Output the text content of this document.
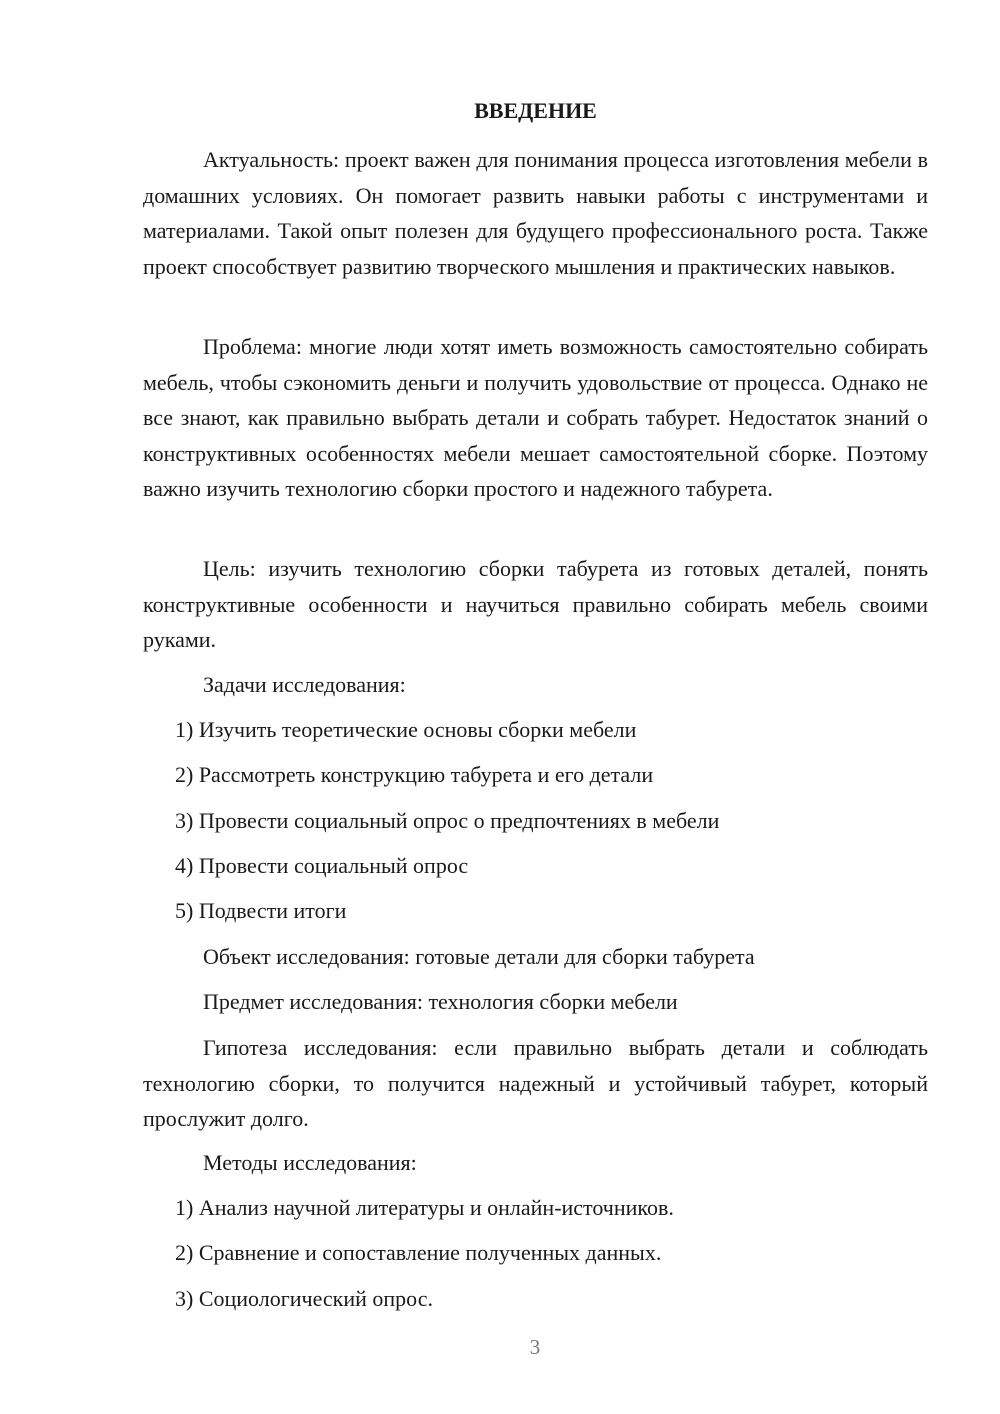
ВВЕДЕНИЕ

Актуальность: проект важен для понимания процесса изготовления мебели в домашних условиях. Он помогает развить навыки работы с инструментами и материалами. Такой опыт полезен для будущего профессионального роста. Также проект способствует развитию творческого мышления и практических навыков.

Проблема: многие люди хотят иметь возможность самостоятельно собирать мебель, чтобы сэкономить деньги и получить удовольствие от процесса. Однако не все знают, как правильно выбрать детали и собрать табурет. Недостаток знаний о конструктивных особенностях мебели мешает самостоятельной сборке. Поэтому важно изучить технологию сборки простого и надежного табурета.

Цель: изучить технологию сборки табурета из готовых деталей, понять конструктивные особенности и научиться правильно собирать мебель своими руками.

Задачи исследования:
1) Изучить теоретические основы сборки мебели
2) Рассмотреть конструкцию табурета и его детали
3) Провести социальный опрос о предпочтениях в мебели
4) Провести социальный опрос
5) Подвести итоги
Объект исследования: готовые детали для сборки табурета
Предмет исследования: технология сборки мебели

Гипотеза исследования: если правильно выбрать детали и соблюдать технологию сборки, то получится надежный и устойчивый табурет, который прослужит долго.

Методы исследования:
1) Анализ научной литературы и онлайн-источников.
2) Сравнение и сопоставление полученных данных.
3) Социологический опрос.
3
